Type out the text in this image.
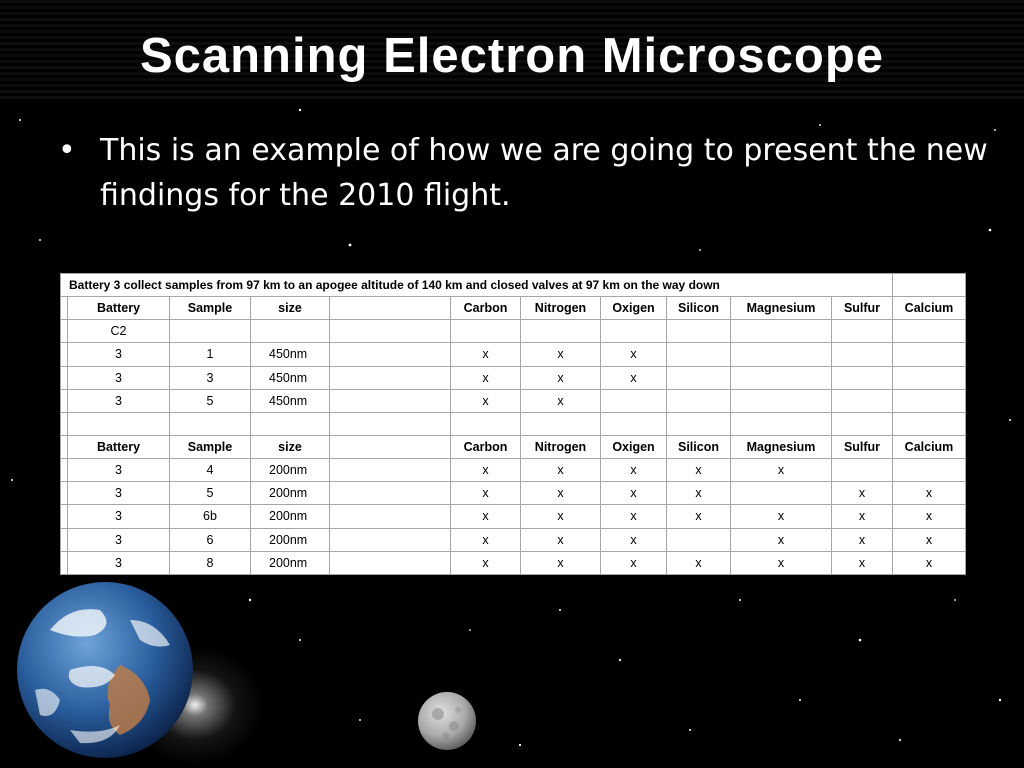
Scanning Electron Microscope
• This is an example of how we are going to present the new findings for the 2010 flight.
Battery 3 collect samples from 97 km to an apogee altitude of 140 km and closed valves at 97 km on the way down											
	Battery	Sample	size		Carbon	Nitrogen	Oxigen	Silicon	Magnesium	Sulfur	Calcium
	C2										
	3	1	450nm		x	x	x				
	3	3	450nm		x	x	x				
	3	5	450nm		x	x					

	Battery	Sample	size		Carbon	Nitrogen	Oxigen	Silicon	Magnesium	Sulfur	Calcium
	3	4	200nm		x	x	x	x	x		
	3	5	200nm		x	x	x	x		x	x
	3	6b	200nm		x	x	x	x	x	x	x
	3	6	200nm		x	x	x		x	x	x
	3	8	200nm		x	x	x	x	x	x	x
